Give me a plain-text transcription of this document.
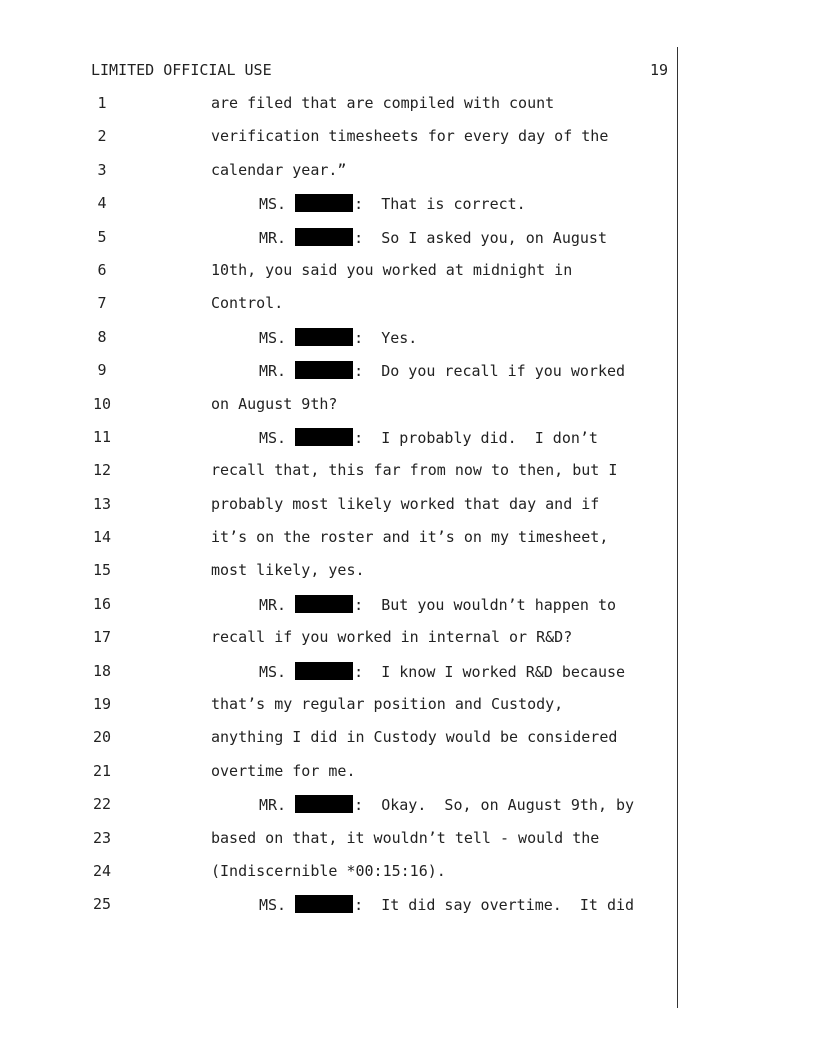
LIMITED OFFICIAL USE	19
1	are filed that are compiled with count
2	verification timesheets for every day of the
3	calendar year.”
4	MS.	:  That is correct.
5	MR.	:  So I asked you, on August
6	10th, you said you worked at midnight in
7	Control.
8	MS.	:  Yes.
9	MR.	:  Do you recall if you worked
10	on August 9th?
11	MS.	:  I probably did.  I don’t
12	recall that, this far from now to then, but I
13	probably most likely worked that day and if
14	it’s on the roster and it’s on my timesheet,
15	most likely, yes.
16	MR.	:  But you wouldn’t happen to
17	recall if you worked in internal or R&D?
18	MS.	:  I know I worked R&D because
19	that’s my regular position and Custody,
20	anything I did in Custody would be considered
21	overtime for me.
22	MR.	:  Okay.  So, on August 9th, by
23	based on that, it wouldn’t tell - would the
24	(Indiscernible *00:15:16).
25	MS.	:  It did say overtime.  It did
